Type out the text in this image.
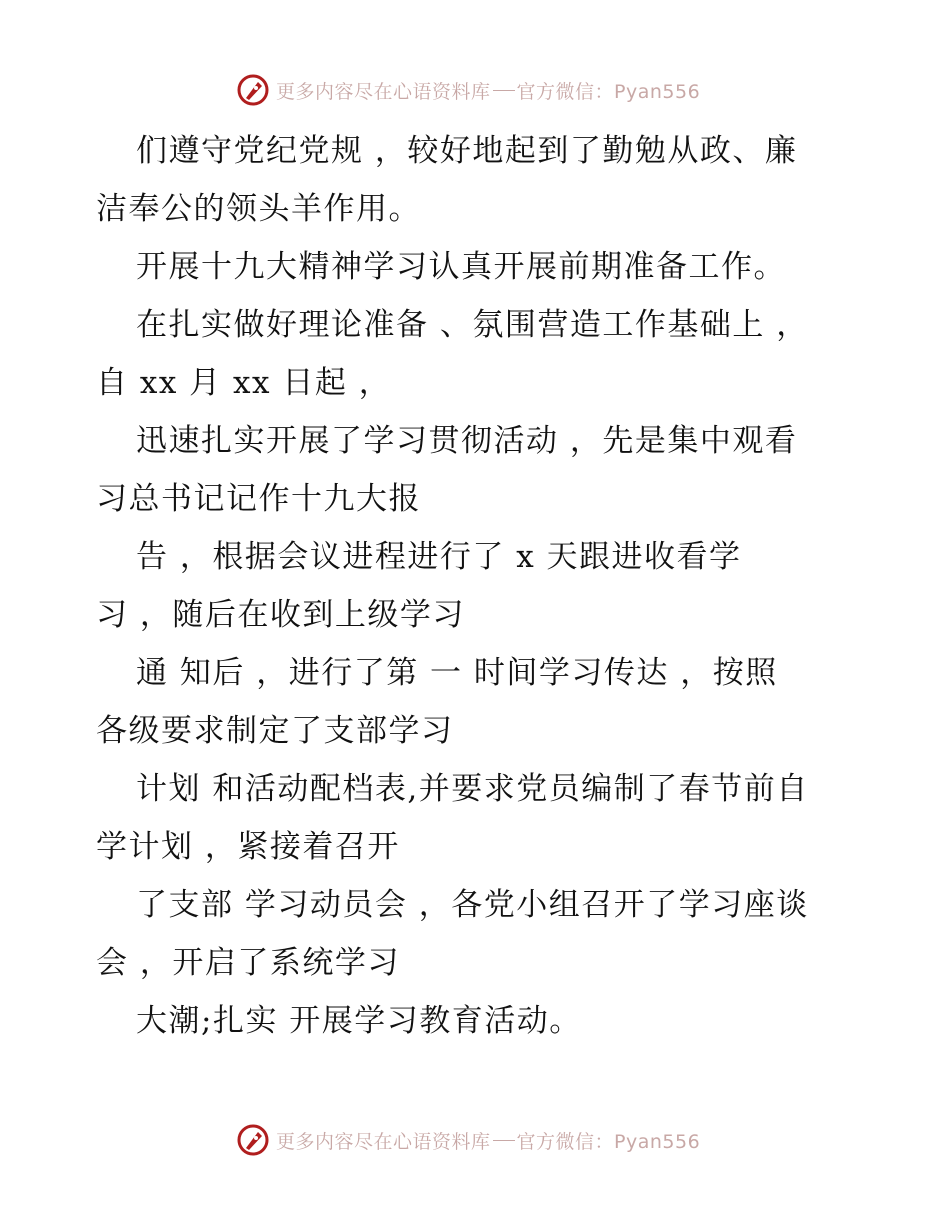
更多内容尽在心语资料库 官方微信：Pyan556
们遵守党纪党规 ，较好地起到了勤勉从政、廉
洁奉公的领头羊作用。
开展十九大精神学习认真开展前期准备工作。
在扎实做好理论准备 、氛围营造工作基础上 ，
自 xx 月 xx 日起 ，
迅速扎实开展了学习贯彻活动 ，先是集中观看
习总书记记作十九大报
告 ，根据会议进程进行了 x 天跟进收看学
习 ，随后在收到上级学习
通 知后 ，进行了第 一 时间学习传达 ，按照
各级要求制定了支部学习
计划 和活动配档表,并要求党员编制了春节前自
学计划 ，紧接着召开
了支部 学习动员会 ，各党小组召开了学习座谈
会 ，开启了系统学习
大潮;扎实 开展学习教育活动。
更多内容尽在心语资料库 官方微信：Pyan556
